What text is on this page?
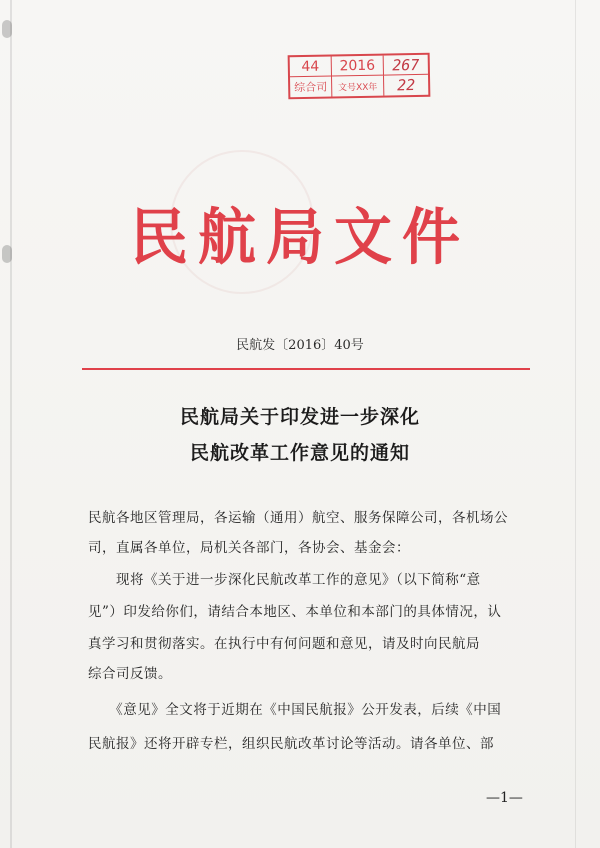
44	2016	267
综合司	文号XX年	22
民航局文件
民航发〔2016〕40号
民航局关于印发进一步深化
民航改革工作意见的通知
民航各地区管理局，各运输（通用）航空、服务保障公司，各机场公
司，直属各单位，局机关各部门，各协会、基金会：
　　现将《关于进一步深化民航改革工作的意见》（以下简称“意
见”）印发给你们，请结合本地区、本单位和本部门的具体情况，认
真学习和贯彻落实。在执行中有何问题和意见，请及时向民航局
综合司反馈。
　　《意见》全文将于近期在《中国民航报》公开发表，后续《中国
民航报》还将开辟专栏，组织民航改革讨论等活动。请各单位、部
—1—
